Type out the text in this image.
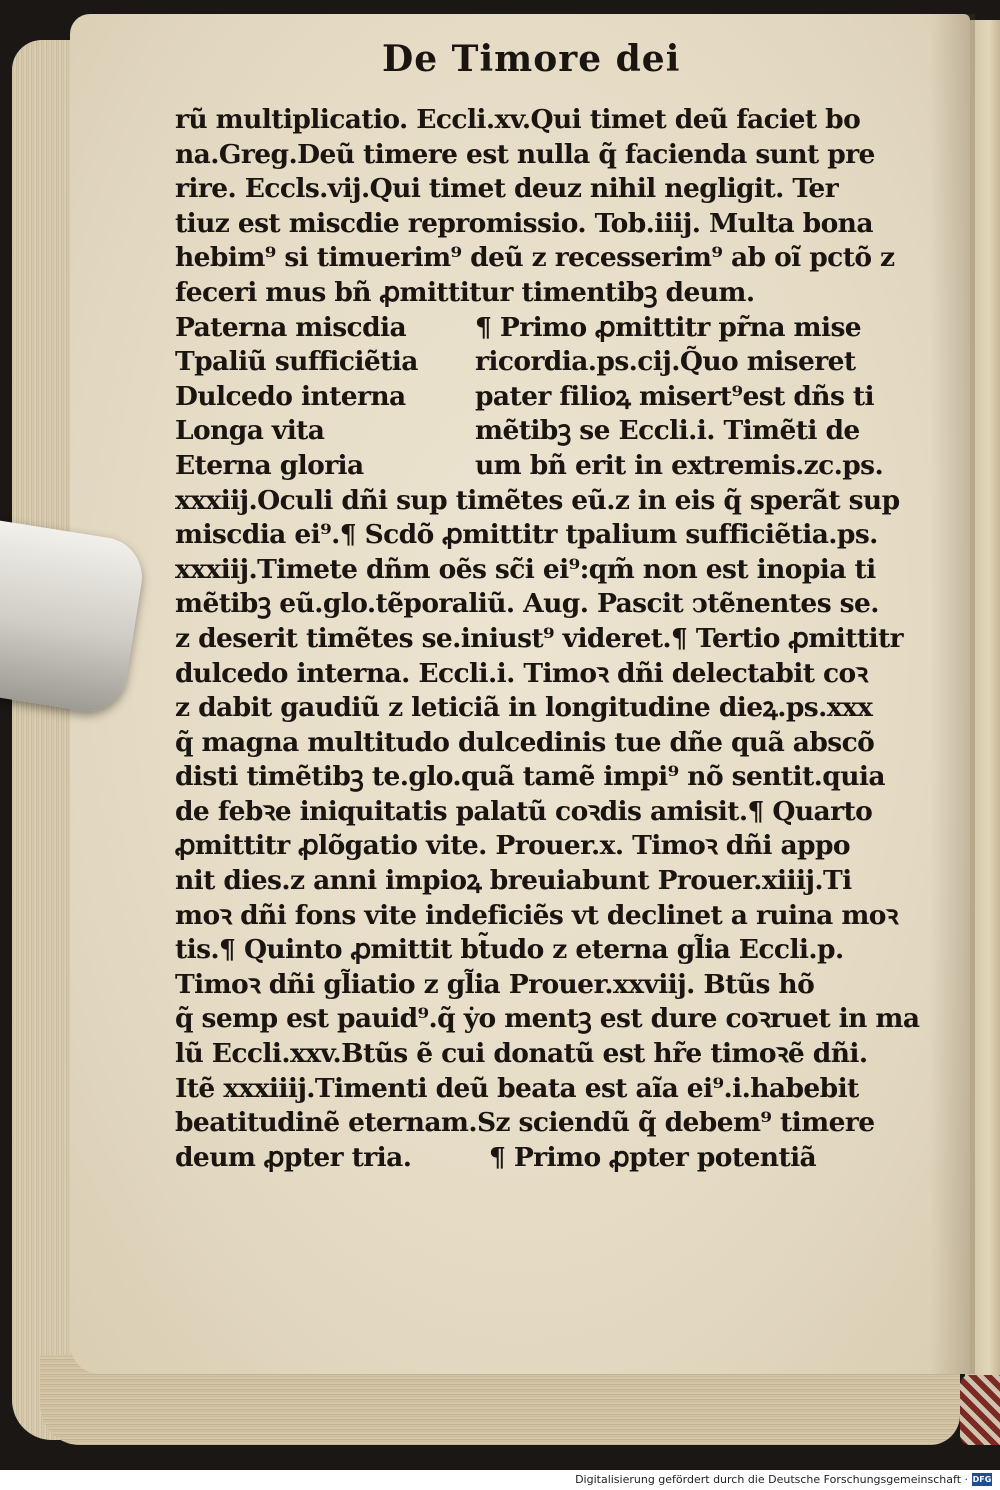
De Timore dei
rũ multiplicatio. Eccli.xv.Qui timet deũ faciet bo
na.Greg.Deũ timere est nulla q̃ facienda sunt pre
rire. Eccls.vij.Qui timet deuz nihil negligit. Ter
tiuz est miscdie repromissio. Tob.iiij. Multa bona
hebim⁹ si timuerim⁹ deũ z recesserim⁹ ab oĩ pctõ z
feceri mus bñ ꝓmittitur timentibꝫ deum.
Paterna miscdia	¶ Primo ꝓmittitr pr̃na mise
Tpaliũ sufficiẽtia	ricordia.ps.cij.Q̃uo miseret
Dulcedo interna	pater filioꝝ misert⁹est dñs ti
Longa vita	mẽtibꝫ se Eccli.i. Timẽti de
Eterna gloria	um bñ erit in extremis.zc.ps.
xxxiij.Oculi dñi sup timẽtes eũ.z in eis q̃ sperãt sup
miscdia ei⁹.¶ Scdõ ꝓmittitr tpalium sufficiẽtia.ps.
xxxiij.Timete dñm oẽs sc̃i ei⁹:qm̃ non est inopia ti
mẽtibꝫ eũ.glo.tẽporaliũ. Aug. Pascit ↄtẽnentes se.
z deserit timẽtes se.iniust⁹ videret.¶ Tertio ꝓmittitr
dulcedo interna. Eccli.i. Timoꝛ dñi delectabit coꝛ
z dabit gaudiũ z leticiã in longitudine dieꝝ.ps.xxx
q̃ magna multitudo dulcedinis tue dñe quã abscõ
disti timẽtibꝫ te.glo.quã tamẽ impi⁹ nõ sentit.quia
de febꝛe iniquitatis palatũ coꝛdis amisit.¶ Quarto
ꝓmittitr ꝓlõgatio vite. Prouer.x. Timoꝛ dñi appo
nit dies.z anni impioꝝ breuiabunt Prouer.xiiij.Ti
moꝛ dñi fons vite indeficiẽs vt declinet a ruina moꝛ
tis.¶ Quinto ꝓmittit bt̃udo z eterna gl̃ia Eccli.p.
Timoꝛ dñi gl̃iatio z gl̃ia Prouer.xxviij. Btũs hõ
q̃ semp est pauid⁹.q̃ ẏo mentꝫ est dure coꝛruet in ma
lũ Eccli.xxv.Btũs ẽ cui donatũ est hr̃e timoꝛẽ dñi.
Itẽ xxxiiij.Timenti deũ beata est aĩa ei⁹.i.habebit
beatitudinẽ eternam.Sz sciendũ q̃ debem⁹ timere
deum ꝓpter tria.         ¶ Primo ꝓpter potentiã
Digitalisierung gefördert durch die Deutsche Forschungsgemeinschaft · DFG
